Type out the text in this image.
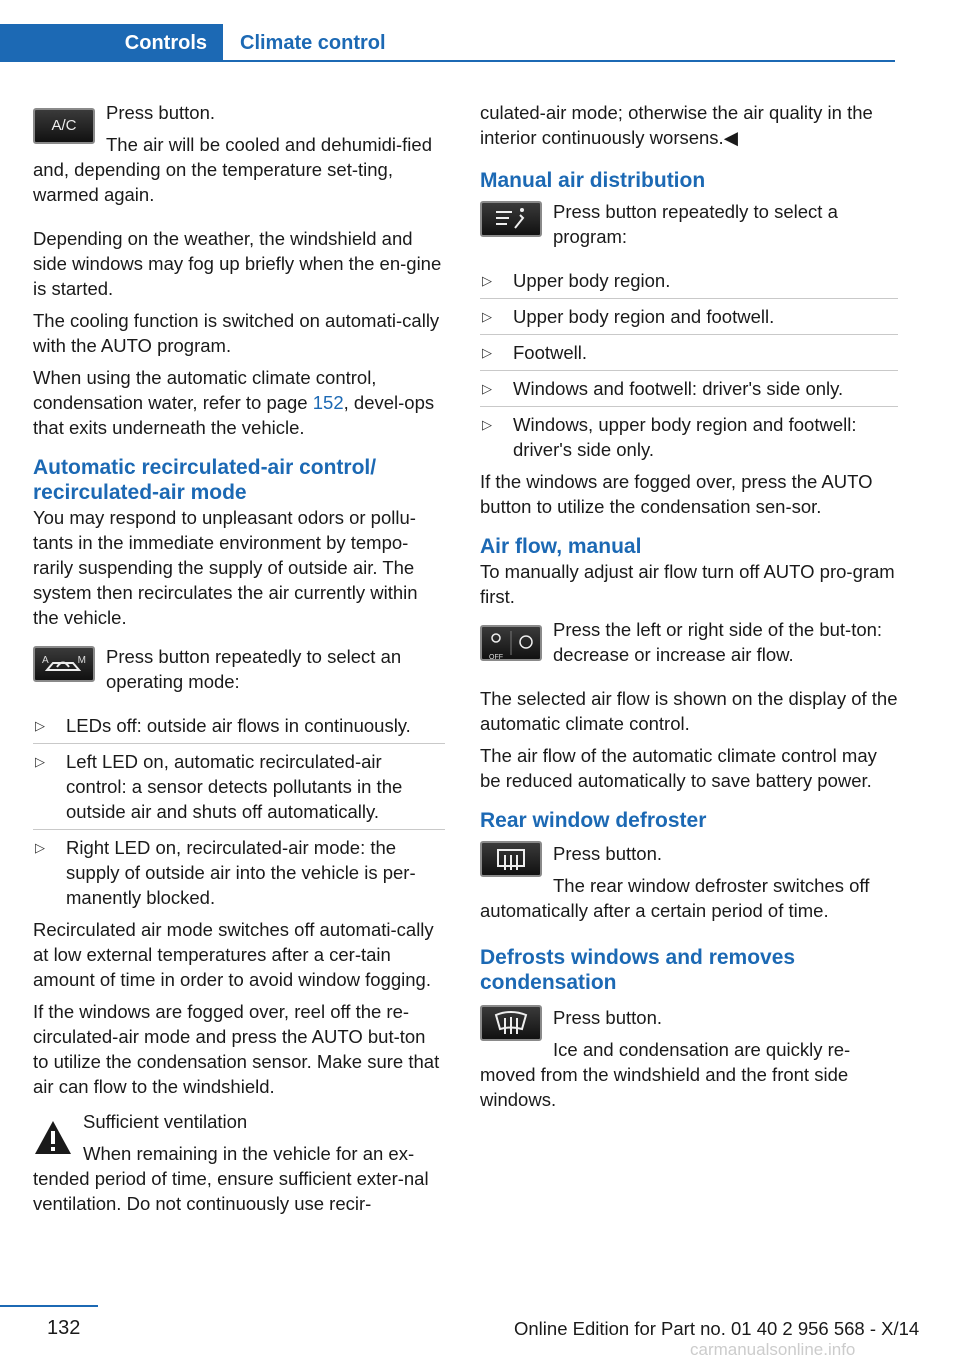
Controls	Climate control
A/C

Press button.

The air will be cooled and dehumidi-fied and, depending on the temperature set-ting, warmed again.

Depending on the weather, the windshield and side windows may fog up briefly when the en-gine is started.

The cooling function is switched on automati-cally with the AUTO program.

When using the automatic climate control, condensation water, refer to page 152, devel-ops that exits underneath the vehicle.

Automatic recirculated-air control/ recirculated-air mode

You may respond to unpleasant odors or pollu-tants in the immediate environment by tempo-rarily suspending the supply of outside air. The system then recirculates the air currently within the vehicle.

A	M	Press button repeatedly to select an operating mode:

▷ LEDs off: outside air flows in continuously.
▷ Left LED on, automatic recirculated-air control: a sensor detects pollutants in the outside air and shuts off automatically.
▷ Right LED on, recirculated-air mode: the supply of outside air into the vehicle is per-manently blocked.

Recirculated air mode switches off automati-cally at low external temperatures after a cer-tain amount of time in order to avoid window fogging.

If the windows are fogged over, reel off the re-circulated-air mode and press the AUTO but-ton to utilize the condensation sensor. Make sure that air can flow to the windshield.

Sufficient ventilation

When remaining in the vehicle for an ex-tended period of time, ensure sufficient exter-nal ventilation. Do not continuously use recir-

culated-air mode; otherwise the air quality in the interior continuously worsens.◀

Manual air distribution

Press button repeatedly to select a program:

▷ Upper body region.
▷ Upper body region and footwell.
▷ Footwell.
▷ Windows and footwell: driver's side only.
▷ Windows, upper body region and footwell: driver's side only.

If the windows are fogged over, press the AUTO button to utilize the condensation sen-sor.

Air flow, manual

To manually adjust air flow turn off AUTO pro-gram first.

OFF

Press the left or right side of the but-ton: decrease or increase air flow.

The selected air flow is shown on the display of the automatic climate control.

The air flow of the automatic climate control may be reduced automatically to save battery power.

Rear window defroster

Press button.

The rear window defroster switches off automatically after a certain period of time.

Defrosts windows and removes condensation

Press button.

Ice and condensation are quickly re-moved from the windshield and the front side windows.

132	Online Edition for Part no. 01 40 2 956 568 - X/14
carmanualsonline.info
